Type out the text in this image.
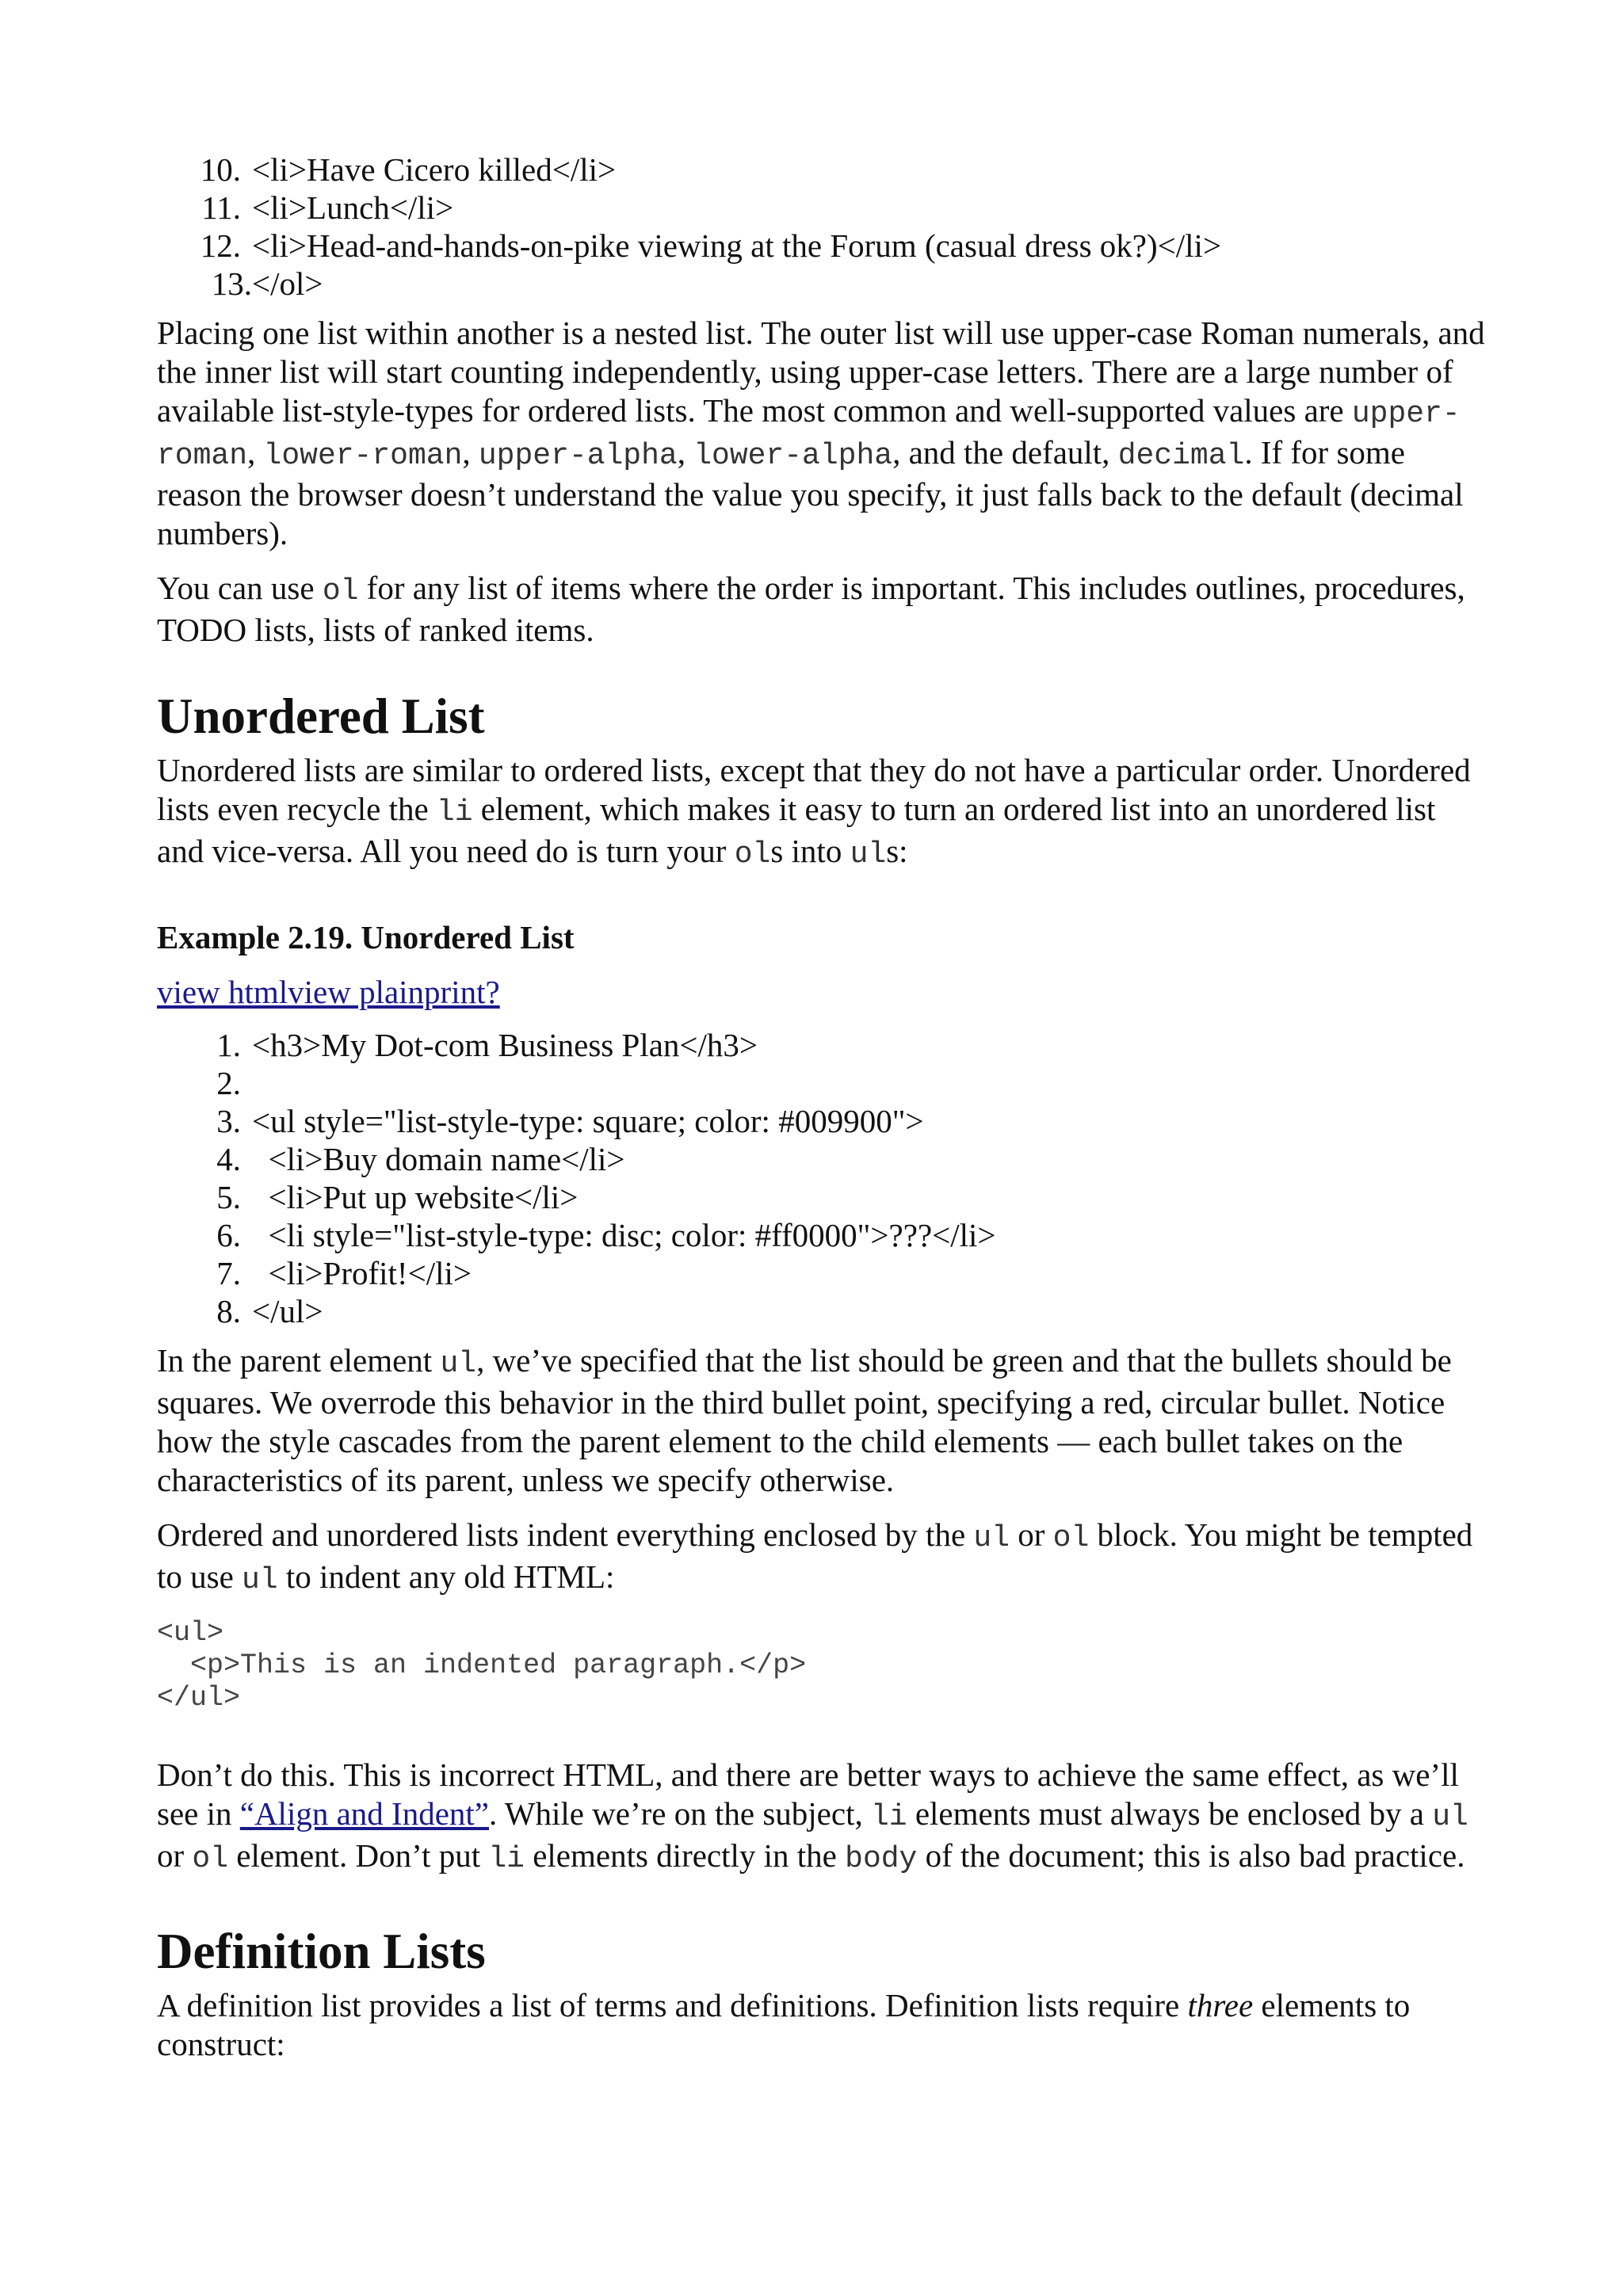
10. <li>Have Cicero killed</li>
11. <li>Lunch</li>
12. <li>Head-and-hands-on-pike viewing at the Forum (casual dress ok?)</li>
13. </ol>

Placing one list within another is a nested list. The outer list will use upper-case Roman numerals, and the inner list will start counting independently, using upper-case letters. There are a large number of available list-style-types for ordered lists. The most common and well-supported values are upper-roman, lower-roman, upper-alpha, lower-alpha, and the default, decimal. If for some reason the browser doesn’t understand the value you specify, it just falls back to the default (decimal numbers).

You can use ol for any list of items where the order is important. This includes outlines, procedures, TODO lists, lists of ranked items.

Unordered List

Unordered lists are similar to ordered lists, except that they do not have a particular order. Unordered lists even recycle the li element, which makes it easy to turn an ordered list into an unordered list and vice-versa. All you need do is turn your ols into uls:

Example 2.19. Unordered List

view htmlview plainprint?

1. <h3>My Dot-com Business Plan</h3>
2.
3. <ul style="list-style-type: square; color: #009900">
4. <li>Buy domain name</li>
5. <li>Put up website</li>
6. <li style="list-style-type: disc; color: #ff0000">???</li>
7. <li>Profit!</li>
8. </ul>

In the parent element ul, we’ve specified that the list should be green and that the bullets should be squares. We overrode this behavior in the third bullet point, specifying a red, circular bullet. Notice how the style cascades from the parent element to the child elements — each bullet takes on the characteristics of its parent, unless we specify otherwise.

Ordered and unordered lists indent everything enclosed by the ul or ol block. You might be tempted to use ul to indent any old HTML:

<ul>
<p>This is an indented paragraph.</p>
</ul>

Don’t do this. This is incorrect HTML, and there are better ways to achieve the same effect, as we’ll see in “Align and Indent”. While we’re on the subject, li elements must always be enclosed by a ul or ol element. Don’t put li elements directly in the body of the document; this is also bad practice.

Definition Lists

A definition list provides a list of terms and definitions. Definition lists require three elements to construct:
